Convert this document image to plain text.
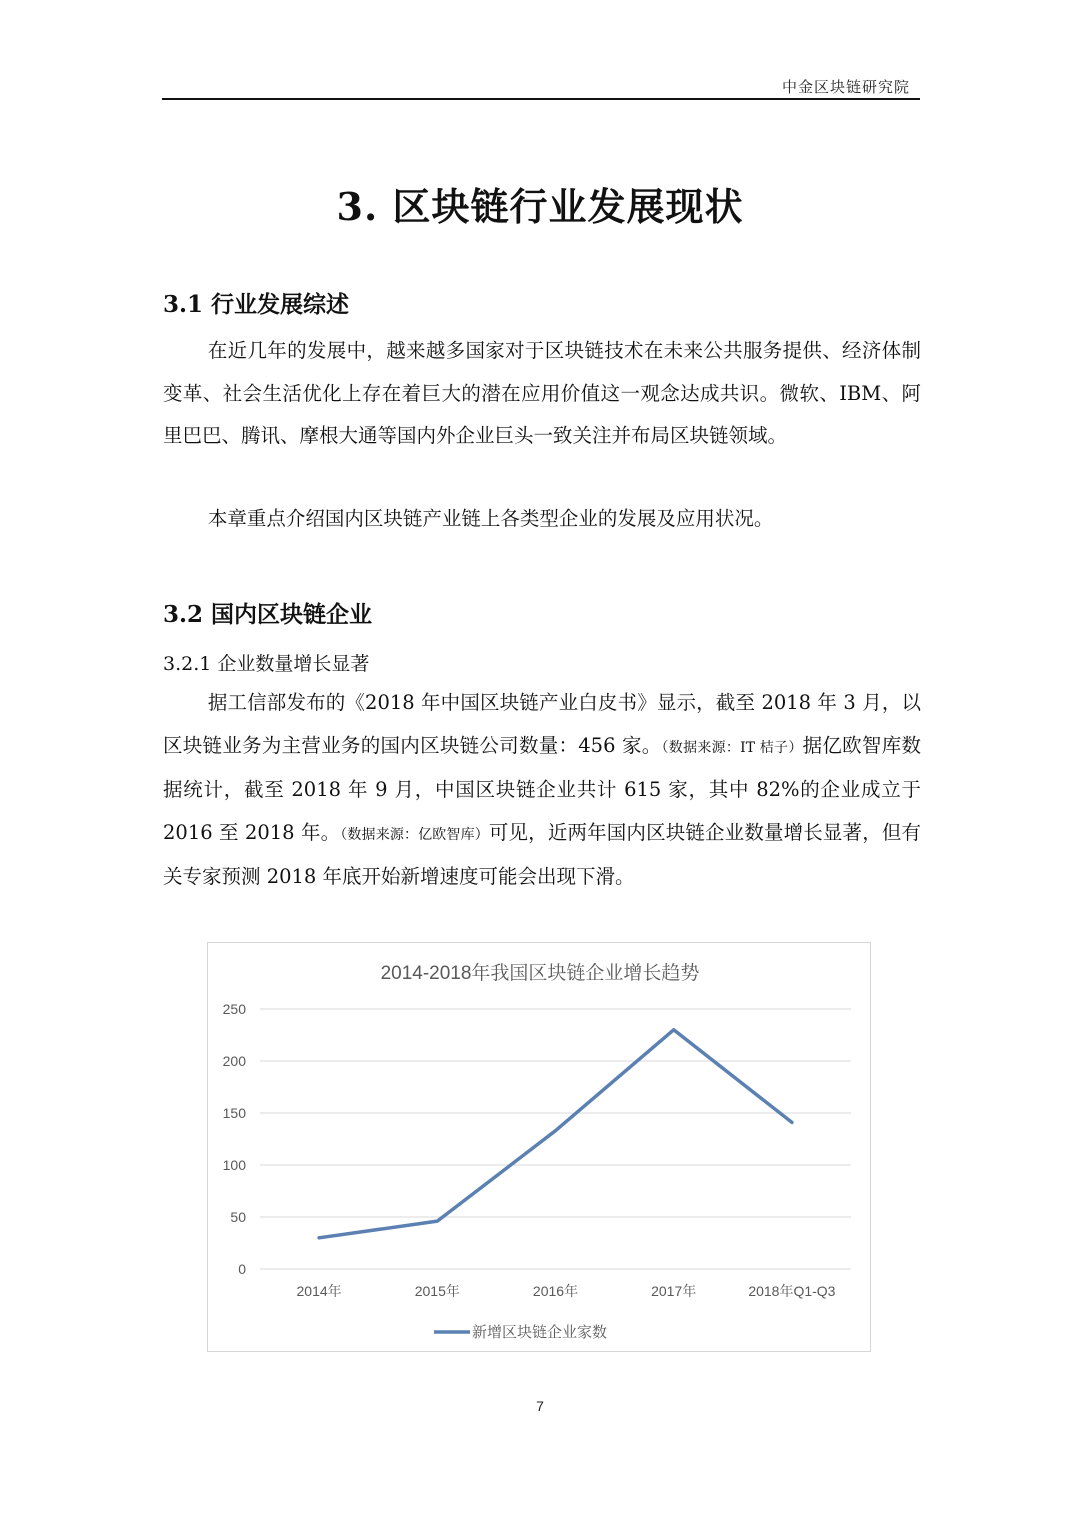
中金区块链研究院
3. 区块链行业发展现状
3.1 行业发展综述
在近几年的发展中，越来越多国家对于区块链技术在未来公共服务提供、经济体制变革、社会生活优化上存在着巨大的潜在应用价值这一观念达成共识。微软、IBM、阿里巴巴、腾讯、摩根大通等国内外企业巨头一致关注并布局区块链领域。
本章重点介绍国内区块链产业链上各类型企业的发展及应用状况。
3.2 国内区块链企业
3.2.1 企业数量增长显著
据工信部发布的《2018 年中国区块链产业白皮书》显示，截至 2018 年 3 月，以区块链业务为主营业务的国内区块链公司数量：456 家。（数据来源：IT 桔子）据亿欧智库数据统计，截至 2018 年 9 月，中国区块链企业共计 615 家，其中 82%的企业成立于 2016 至 2018 年。（数据来源：亿欧智库）可见，近两年国内区块链企业数量增长显著，但有关专家预测 2018 年底开始新增速度可能会出现下滑。
2014-2018年我国区块链企业增长趋势
0
50
100
150
200
250
2014年	2015年	2016年	2017年	2018年Q1-Q3
新增区块链企业家数
7
